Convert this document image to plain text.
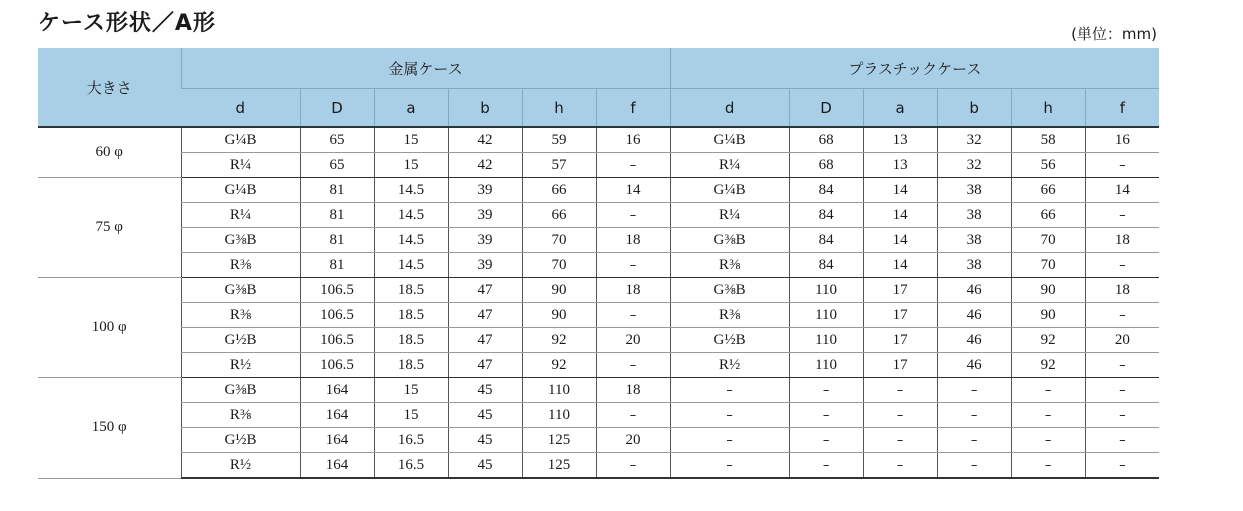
ケース形状／A形	(単位：mm)
大きさ	金属ケース						プラスチックケース					
	d	D	a	b	h	f	d	D	a	b	h	f
60 φ	G¼B	65	15	42	59	16	G¼B	68	13	32	58	16
	R¼	65	15	42	57	–	R¼	68	13	32	56	–
75 φ	G¼B	81	14.5	39	66	14	G¼B	84	14	38	66	14
	R¼	81	14.5	39	66	–	R¼	84	14	38	66	–
	G⅜B	81	14.5	39	70	18	G⅜B	84	14	38	70	18
	R⅜	81	14.5	39	70	–	R⅜	84	14	38	70	–
100 φ	G⅜B	106.5	18.5	47	90	18	G⅜B	110	17	46	90	18
	R⅜	106.5	18.5	47	90	–	R⅜	110	17	46	90	–
	G½B	106.5	18.5	47	92	20	G½B	110	17	46	92	20
	R½	106.5	18.5	47	92	–	R½	110	17	46	92	–
150 φ	G⅜B	164	15	45	110	18	–	–	–	–	–	–
	R⅜	164	15	45	110	–	–	–	–	–	–	–
	G½B	164	16.5	45	125	20	–	–	–	–	–	–
	R½	164	16.5	45	125	–	–	–	–	–	–	–
